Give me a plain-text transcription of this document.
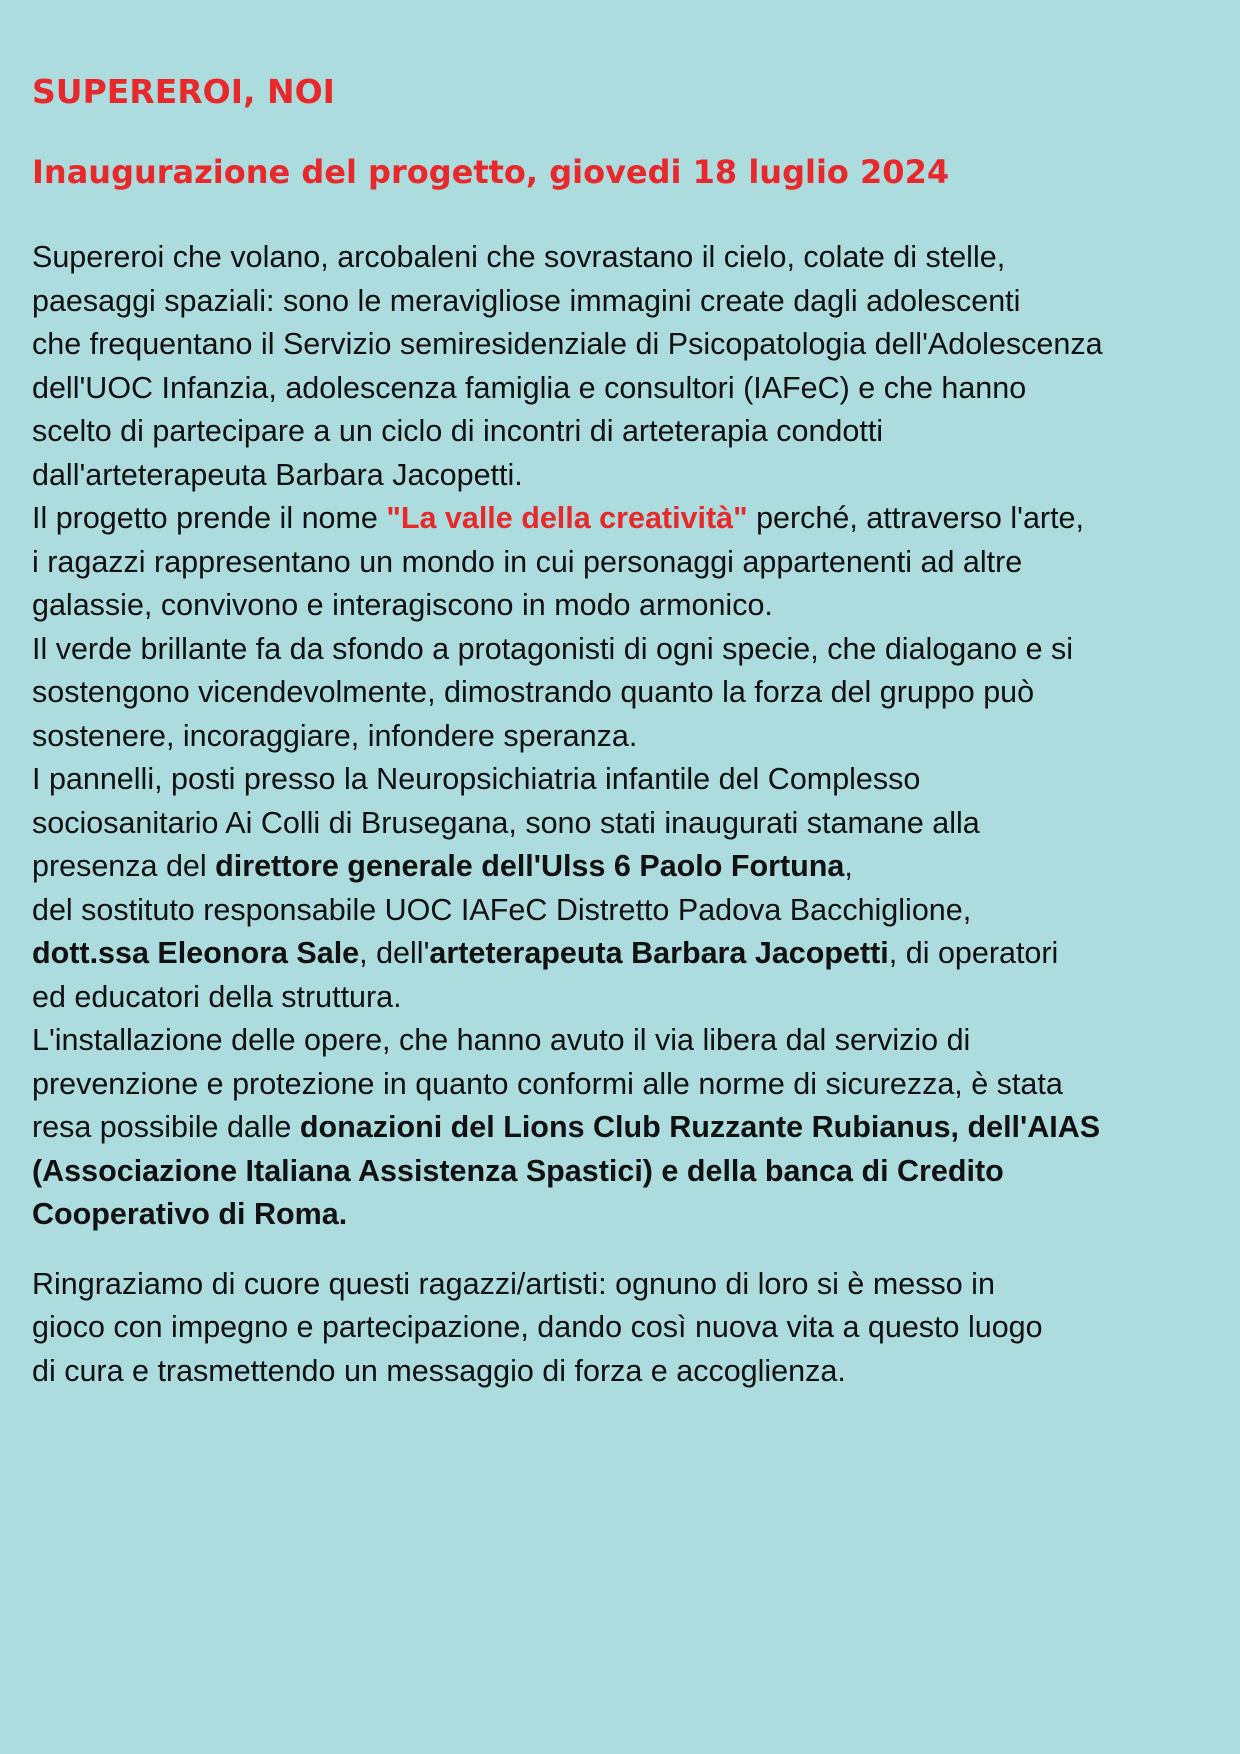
SUPEREROI, NOI
Inaugurazione del progetto, giovedi 18 luglio 2024

Supereroi che volano, arcobaleni che sovrastano il cielo, colate di stelle,
paesaggi spaziali: sono le meravigliose immagini create dagli adolescenti
che frequentano il Servizio semiresidenziale di Psicopatologia dell'Adolescenza
dell'UOC Infanzia, adolescenza famiglia e consultori (IAFeC) e che hanno
scelto di partecipare a un ciclo di incontri di arteterapia condotti
dall'arteterapeuta Barbara Jacopetti.

Il progetto prende il nome "La valle della creatività" perché, attraverso l'arte,
i ragazzi rappresentano un mondo in cui personaggi appartenenti ad altre
galassie, convivono e interagiscono in modo armonico.

Il verde brillante fa da sfondo a protagonisti di ogni specie, che dialogano e si
sostengono vicendevolmente, dimostrando quanto la forza del gruppo può
sostenere, incoraggiare, infondere speranza.

I pannelli, posti presso la Neuropsichiatria infantile del Complesso
sociosanitario Ai Colli di Brusegana, sono stati inaugurati stamane alla
presenza del direttore generale dell'Ulss 6 Paolo Fortuna,
del sostituto responsabile UOC IAFeC Distretto Padova Bacchiglione,
dott.ssa Eleonora Sale, dell'arteterapeuta Barbara Jacopetti, di operatori
ed educatori della struttura.

L'installazione delle opere, che hanno avuto il via libera dal servizio di
prevenzione e protezione in quanto conformi alle norme di sicurezza, è stata
resa possibile dalle donazioni del Lions Club Ruzzante Rubianus, dell'AIAS
(Associazione Italiana Assistenza Spastici) e della banca di Credito
Cooperativo di Roma.

Ringraziamo di cuore questi ragazzi/artisti: ognuno di loro si è messo in
gioco con impegno e partecipazione, dando così nuova vita a questo luogo
di cura e trasmettendo un messaggio di forza e accoglienza.
